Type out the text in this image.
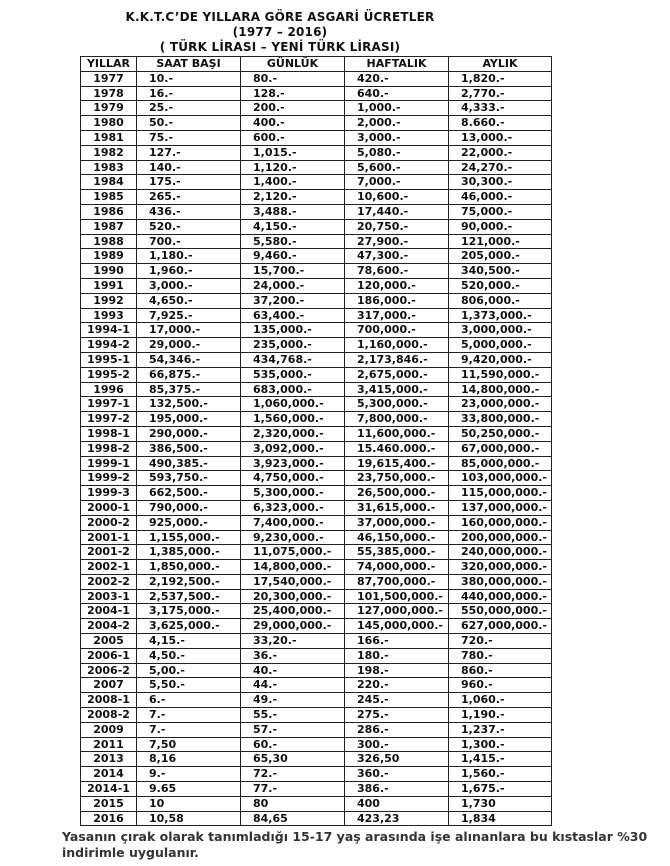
K.K.T.C’DE YILLARA GÖRE ASGARİ ÜCRETLER
(1977 – 2016)
( TÜRK LİRASI – YENİ TÜRK LİRASI)
YILLAR	SAAT BAŞI	GÜNLÜK	HAFTALIK	AYLIK
1977	10.-	80.-	420.-	1,820.-
1978	16.-	128.-	640.-	2,770.-
1979	25.-	200.-	1,000.-	4,333.-
1980	50.-	400.-	2,000.-	8.660.-
1981	75.-	600.-	3,000.-	13,000.-
1982	127.-	1,015.-	5,080.-	22,000.-
1983	140.-	1,120.-	5,600.-	24,270.-
1984	175.-	1,400.-	7,000.-	30,300.-
1985	265.-	2,120.-	10,600.-	46,000.-
1986	436.-	3,488.-	17,440.-	75,000.-
1987	520.-	4,150.-	20,750.-	90,000.-
1988	700.-	5,580.-	27,900.-	121,000.-
1989	1,180.-	9,460.-	47,300.-	205,000.-
1990	1,960.-	15,700.-	78,600.-	340,500.-
1991	3,000.-	24,000.-	120,000.-	520,000.-
1992	4,650.-	37,200.-	186,000.-	806,000.-
1993	7,925.-	63,400.-	317,000.-	1,373,000.-
1994-1	17,000.-	135,000.-	700,000.-	3,000,000.-
1994-2	29,000.-	235,000.-	1,160,000.-	5,000,000.-
1995-1	54,346.-	434,768.-	2,173,846.-	9,420,000.-
1995-2	66,875.-	535,000.-	2,675,000.-	11,590,000.-
1996	85,375.-	683,000.-	3,415,000.-	14,800,000.-
1997-1	132,500.-	1,060,000.-	5,300,000.-	23,000,000.-
1997-2	195,000.-	1,560,000.-	7,800,000.-	33,800,000.-
1998-1	290,000.-	2,320,000.-	11,600,000.-	50,250,000.-
1998-2	386,500.-	3,092,000.-	15.460.000.-	67,000,000.-
1999-1	490,385.-	3,923,000.-	19,615,400.-	85,000,000.-
1999-2	593,750.-	4,750,000.-	23,750,000.-	103,000,000.-
1999-3	662,500.-	5,300,000.-	26,500,000.-	115,000,000.-
2000-1	790,000.-	6,323,000.-	31,615,000.-	137,000,000.-
2000-2	925,000.-	7,400,000.-	37,000,000.-	160,000,000.-
2001-1	1,155,000.-	9,230,000.-	46,150,000.-	200,000,000.-
2001-2	1,385,000.-	11,075,000.-	55,385,000.-	240,000,000.-
2002-1	1,850,000.-	14,800,000.-	74,000,000.-	320,000,000.-
2002-2	2,192,500.-	17,540,000.-	87,700,000.-	380,000,000.-
2003-1	2,537,500.-	20,300,000.-	101,500,000.-	440,000,000.-
2004-1	3,175,000.-	25,400,000.-	127,000,000.-	550,000,000.-
2004-2	3,625,000.-	29,000,000.-	145,000,000.-	627,000,000.-
2005	4,15.-	33,20.-	166.-	720.-
2006-1	4,50.-	36.-	180.-	780.-
2006-2	5,00.-	40.-	198.-	860.-
2007	5,50.-	44.-	220.-	960.-
2008-1	6.-	49.-	245.-	1,060.-
2008-2	7.-	55.-	275.-	1,190.-
2009	7.-	57.-	286.-	1,237.-
2011	7,50	60.-	300.-	1,300.-
2013	8,16	65,30	326,50	1,415.-
2014	9.-	72.-	360.-	1,560.-
2014-1	9.65	77.-	386.-	1,675.-
2015	10	80	400	1,730
2016	10,58	84,65	423,23	1,834
Yasanın çırak olarak tanımladığı 15-17 yaş arasında işe alınanlara bu kıstaslar %30 indirimle uygulanır.
